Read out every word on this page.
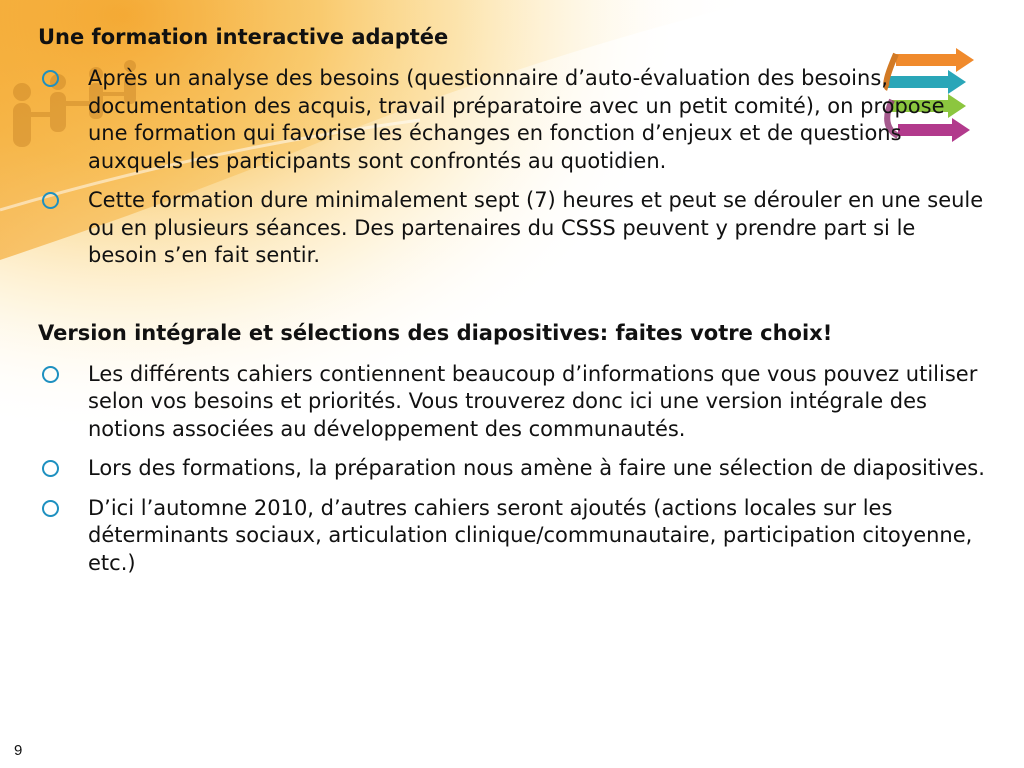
Une formation interactive adaptée

Après un analyse des besoins (questionnaire d’auto-évaluation des besoins, documentation des acquis, travail préparatoire avec un petit comité), on propose une formation qui favorise les échanges en fonction d’enjeux et de questions auxquels les participants sont confrontés au quotidien.
Cette formation dure minimalement sept (7) heures et peut se dérouler en une seule ou en plusieurs séances. Des partenaires du CSSS peuvent y prendre part si le besoin s’en fait sentir.

Version intégrale et sélections des diapositives: faites votre choix!

Les différents cahiers contiennent beaucoup d’informations que vous pouvez utiliser selon vos besoins et priorités. Vous trouverez donc ici une version intégrale des notions associées au développement des communautés.
Lors des formations, la préparation nous amène à faire une sélection de diapositives.
D’ici l’automne 2010, d’autres cahiers seront ajoutés (actions locales sur les déterminants sociaux, articulation clinique/communautaire, participation citoyenne, etc.)
9
